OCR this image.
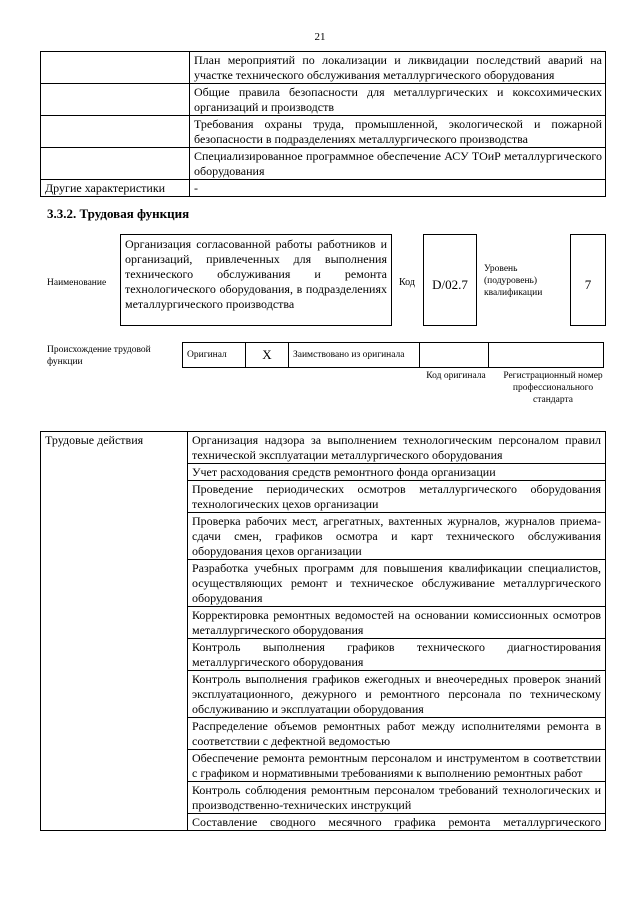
21
	План мероприятий по локализации и ликвидации последствий аварий на участке технического обслуживания металлургического оборудования
	Общие правила безопасности для металлургических и коксохимических организаций и производств
	Требования охраны труда, промышленной, экологической и пожарной безопасности в подразделениях металлургического производства
	Специализированное программное обеспечение АСУ ТОиР металлургического оборудования
Другие характеристики	-
3.3.2. Трудовая функция
Наименование
Организация согласованной работы работников и организаций, привлеченных для выполнения технического обслуживания и ремонта технологического оборудования, в подразделениях металлургического производства
Код	D/02.7
Уровень (подуровень) квалификации
7
Происхождение трудовой функции
Оригинал	X	Заимствовано из оригинала		
Код оригинала	Регистрационный номер профессионального стандарта
Трудовые действия	Организация надзора за выполнением технологическим персоналом правил технической эксплуатации металлургического оборудования
Учет расходования средств ремонтного фонда организации
Проведение периодических осмотров металлургического оборудования технологических цехов организации
Проверка рабочих мест, агрегатных, вахтенных журналов, журналов приема-сдачи смен, графиков осмотра и карт технического обслуживания оборудования цехов организации
Разработка учебных программ для повышения квалификации специалистов, осуществляющих ремонт и техническое обслуживание металлургического оборудования
Корректировка ремонтных ведомостей на основании комиссионных осмотров металлургического оборудования
Контроль выполнения графиков технического диагностирования металлургического оборудования
Контроль выполнения графиков ежегодных и внеочередных проверок знаний эксплуатационного, дежурного и ремонтного персонала по техническому обслуживанию и эксплуатации оборудования
Распределение объемов ремонтных работ между исполнителями ремонта в соответствии с дефектной ведомостью
Обеспечение ремонта ремонтным персоналом и инструментом в соответствии с графиком и нормативными требованиями к выполнению ремонтных работ
Контроль соблюдения ремонтным персоналом требований технологических и производственно-технических инструкций
Составление сводного месячного графика ремонта металлургического
